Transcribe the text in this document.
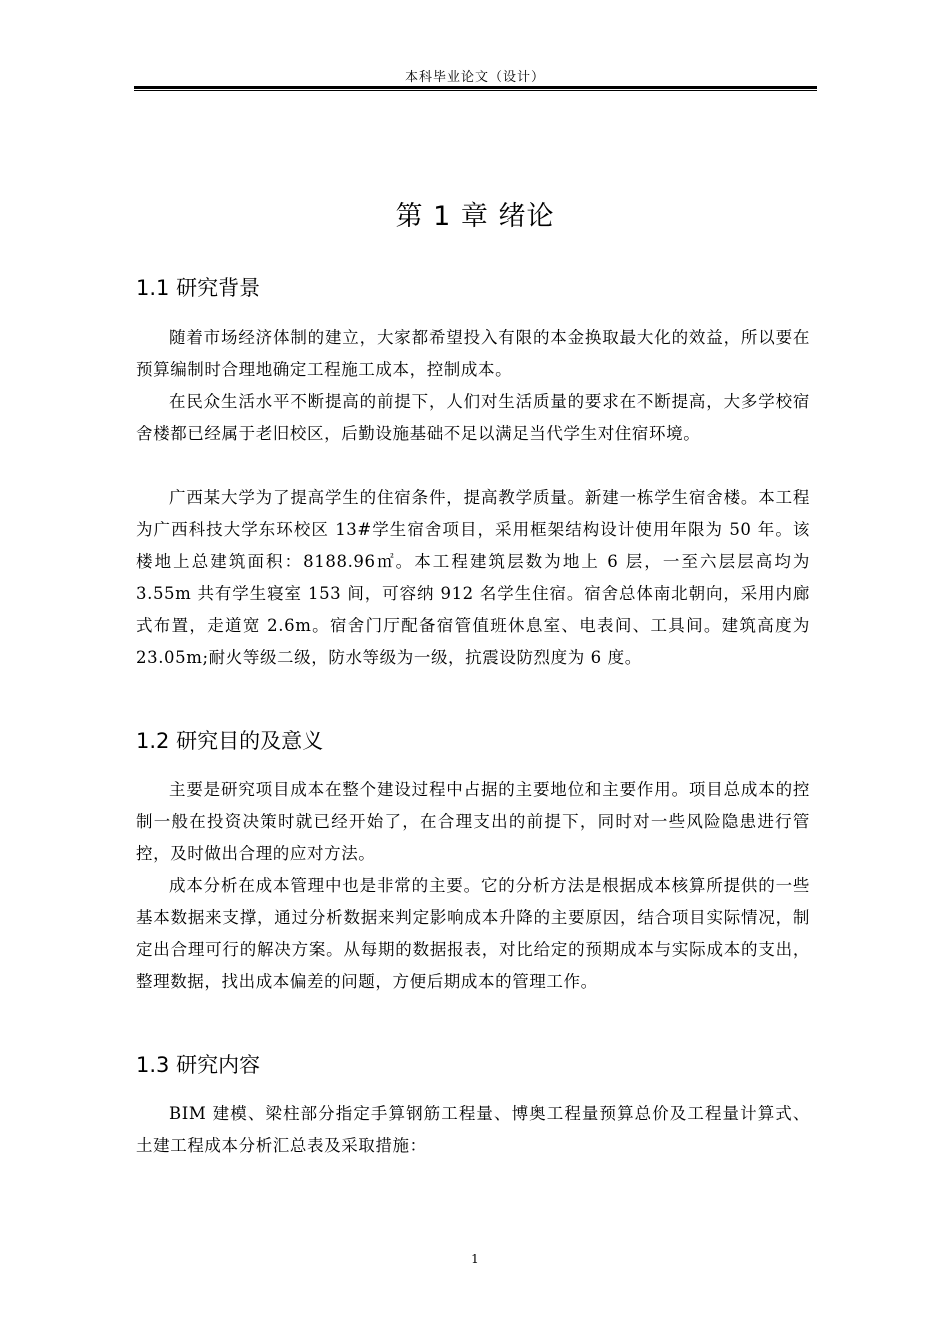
本科毕业论文（设计）
第 1 章 绪论
1.1 研究背景

随着市场经济体制的建立，大家都希望投入有限的本金换取最大化的效益，所以要在预算编制时合理地确定工程施工成本，控制成本。

在民众生活水平不断提高的前提下，人们对生活质量的要求在不断提高，大多学校宿舍楼都已经属于老旧校区，后勤设施基础不足以满足当代学生对住宿环境。

广西某大学为了提高学生的住宿条件，提高教学质量。新建一栋学生宿舍楼。本工程为广西科技大学东环校区 13#学生宿舍项目，采用框架结构设计使用年限为 50 年。该楼地上总建筑面积：8188.96㎡。本工程建筑层数为地上 6 层，一至六层层高均为 3.55m 共有学生寝室 153 间，可容纳 912 名学生住宿。宿舍总体南北朝向，采用内廊式布置，走道宽 2.6m。宿舍门厅配备宿管值班休息室、电表间、工具间。建筑高度为 23.05m;耐火等级二级，防水等级为一级，抗震设防烈度为 6 度。

1.2 研究目的及意义

主要是研究项目成本在整个建设过程中占据的主要地位和主要作用。项目总成本的控制一般在投资决策时就已经开始了，在合理支出的前提下，同时对一些风险隐患进行管控，及时做出合理的应对方法。

成本分析在成本管理中也是非常的主要。它的分析方法是根据成本核算所提供的一些基本数据来支撑，通过分析数据来判定影响成本升降的主要原因，结合项目实际情况，制定出合理可行的解决方案。从每期的数据报表，对比给定的预期成本与实际成本的支出，整理数据，找出成本偏差的问题，方便后期成本的管理工作。

1.3 研究内容

BIM 建模、梁柱部分指定手算钢筋工程量、博奥工程量预算总价及工程量计算式、土建工程成本分析汇总表及采取措施：

1
